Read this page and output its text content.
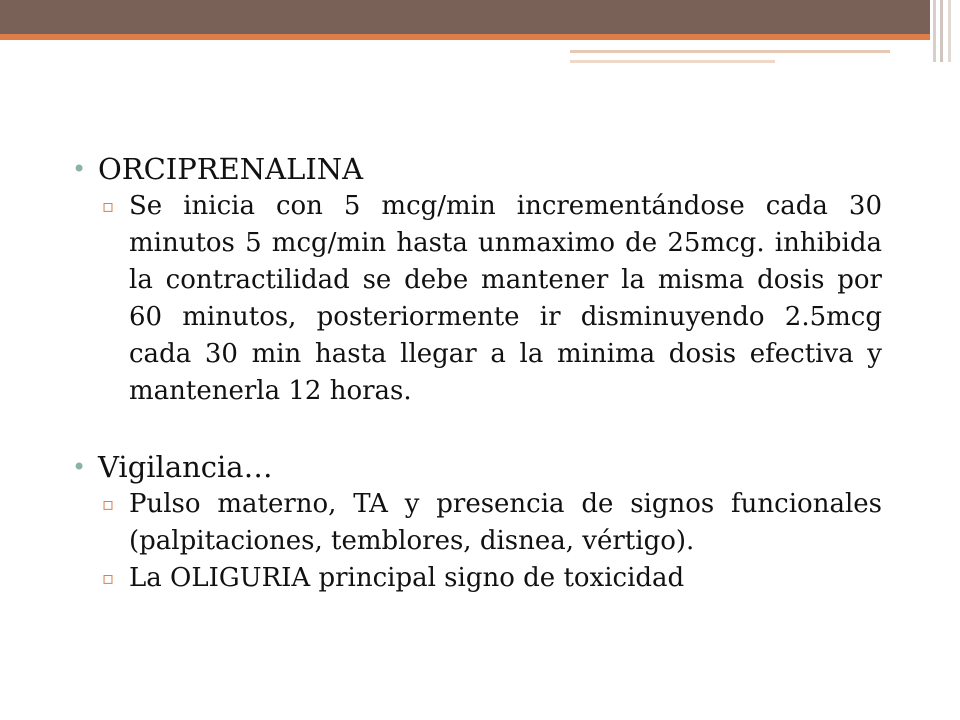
• ORCIPRENALINA

▫ Se inicia con 5 mcg/min incrementándose cada 30 minutos 5 mcg/min hasta unmaximo de 25mcg. inhibida la contractilidad se debe mantener la misma dosis por 60 minutos, posteriormente ir disminuyendo 2.5mcg cada 30 min hasta llegar a la minima dosis efectiva y mantenerla 12 horas.

• Vigilancia…

▫ Pulso materno, TA y presencia de signos funcionales (palpitaciones, temblores, disnea, vértigo).

▫ La OLIGURIA principal signo de toxicidad
